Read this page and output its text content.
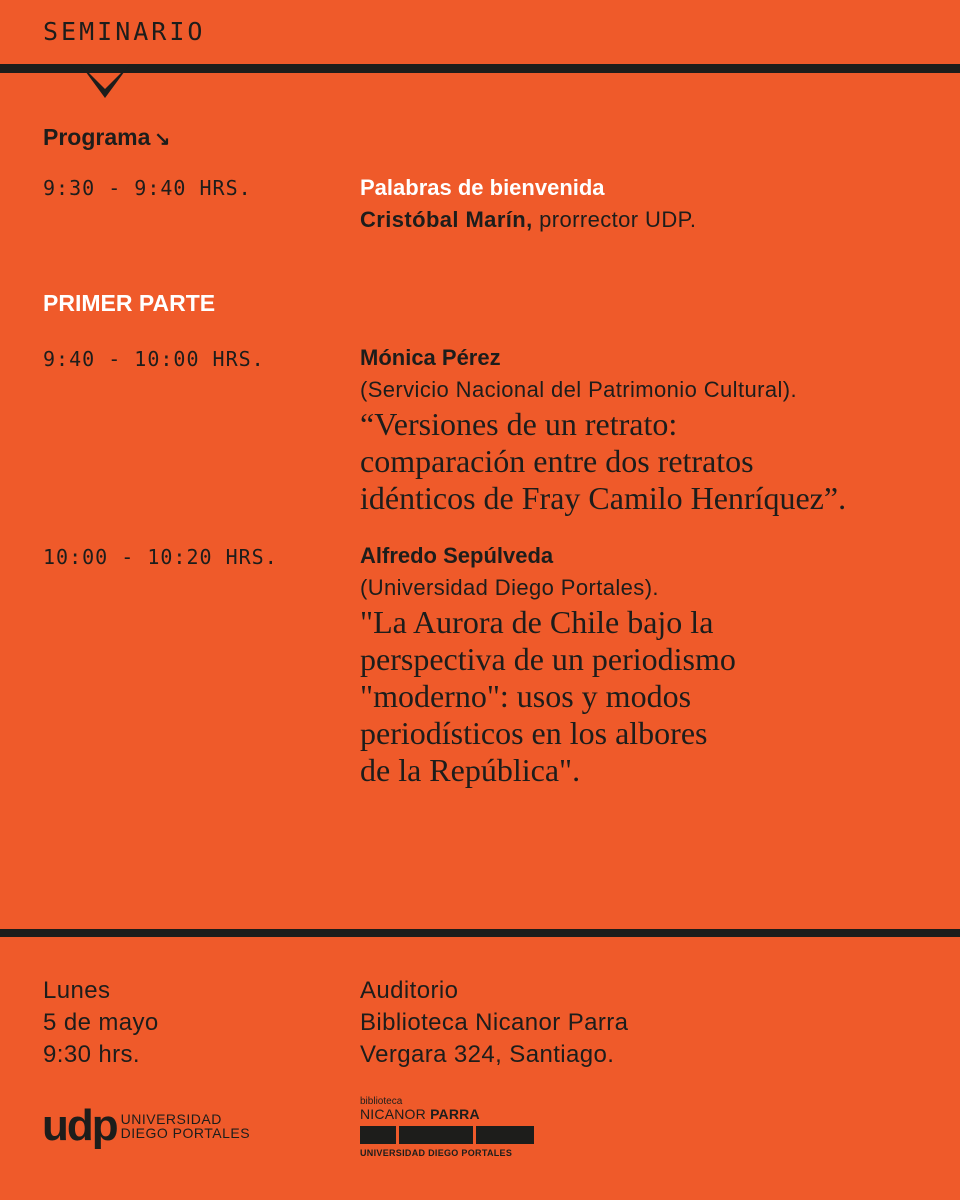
SEMINARIO
Programa ↘
9:30 - 9:40 HRS.	Palabras de bienvenida
Cristóbal Marín, prorrector UDP.
PRIMER PARTE
9:40 - 10:00 HRS.	Mónica Pérez
(Servicio Nacional del Patrimonio Cultural).
“Versiones de un retrato:
comparación entre dos retratos
idénticos de Fray Camilo Henríquez”.
10:00 - 10:20 HRS.	Alfredo Sepúlveda
(Universidad Diego Portales).
"La Aurora de Chile bajo la
perspectiva de un periodismo
"moderno": usos y modos
periodísticos en los albores
de la República".
Lunes
5 de mayo
9:30 hrs.
Auditorio
Biblioteca Nicanor Parra
Vergara 324, Santiago.
udp UNIVERSIDAD
DIEGO PORTALES
biblioteca
NICANOR PARRA
UNIVERSIDAD DIEGO PORTALES
